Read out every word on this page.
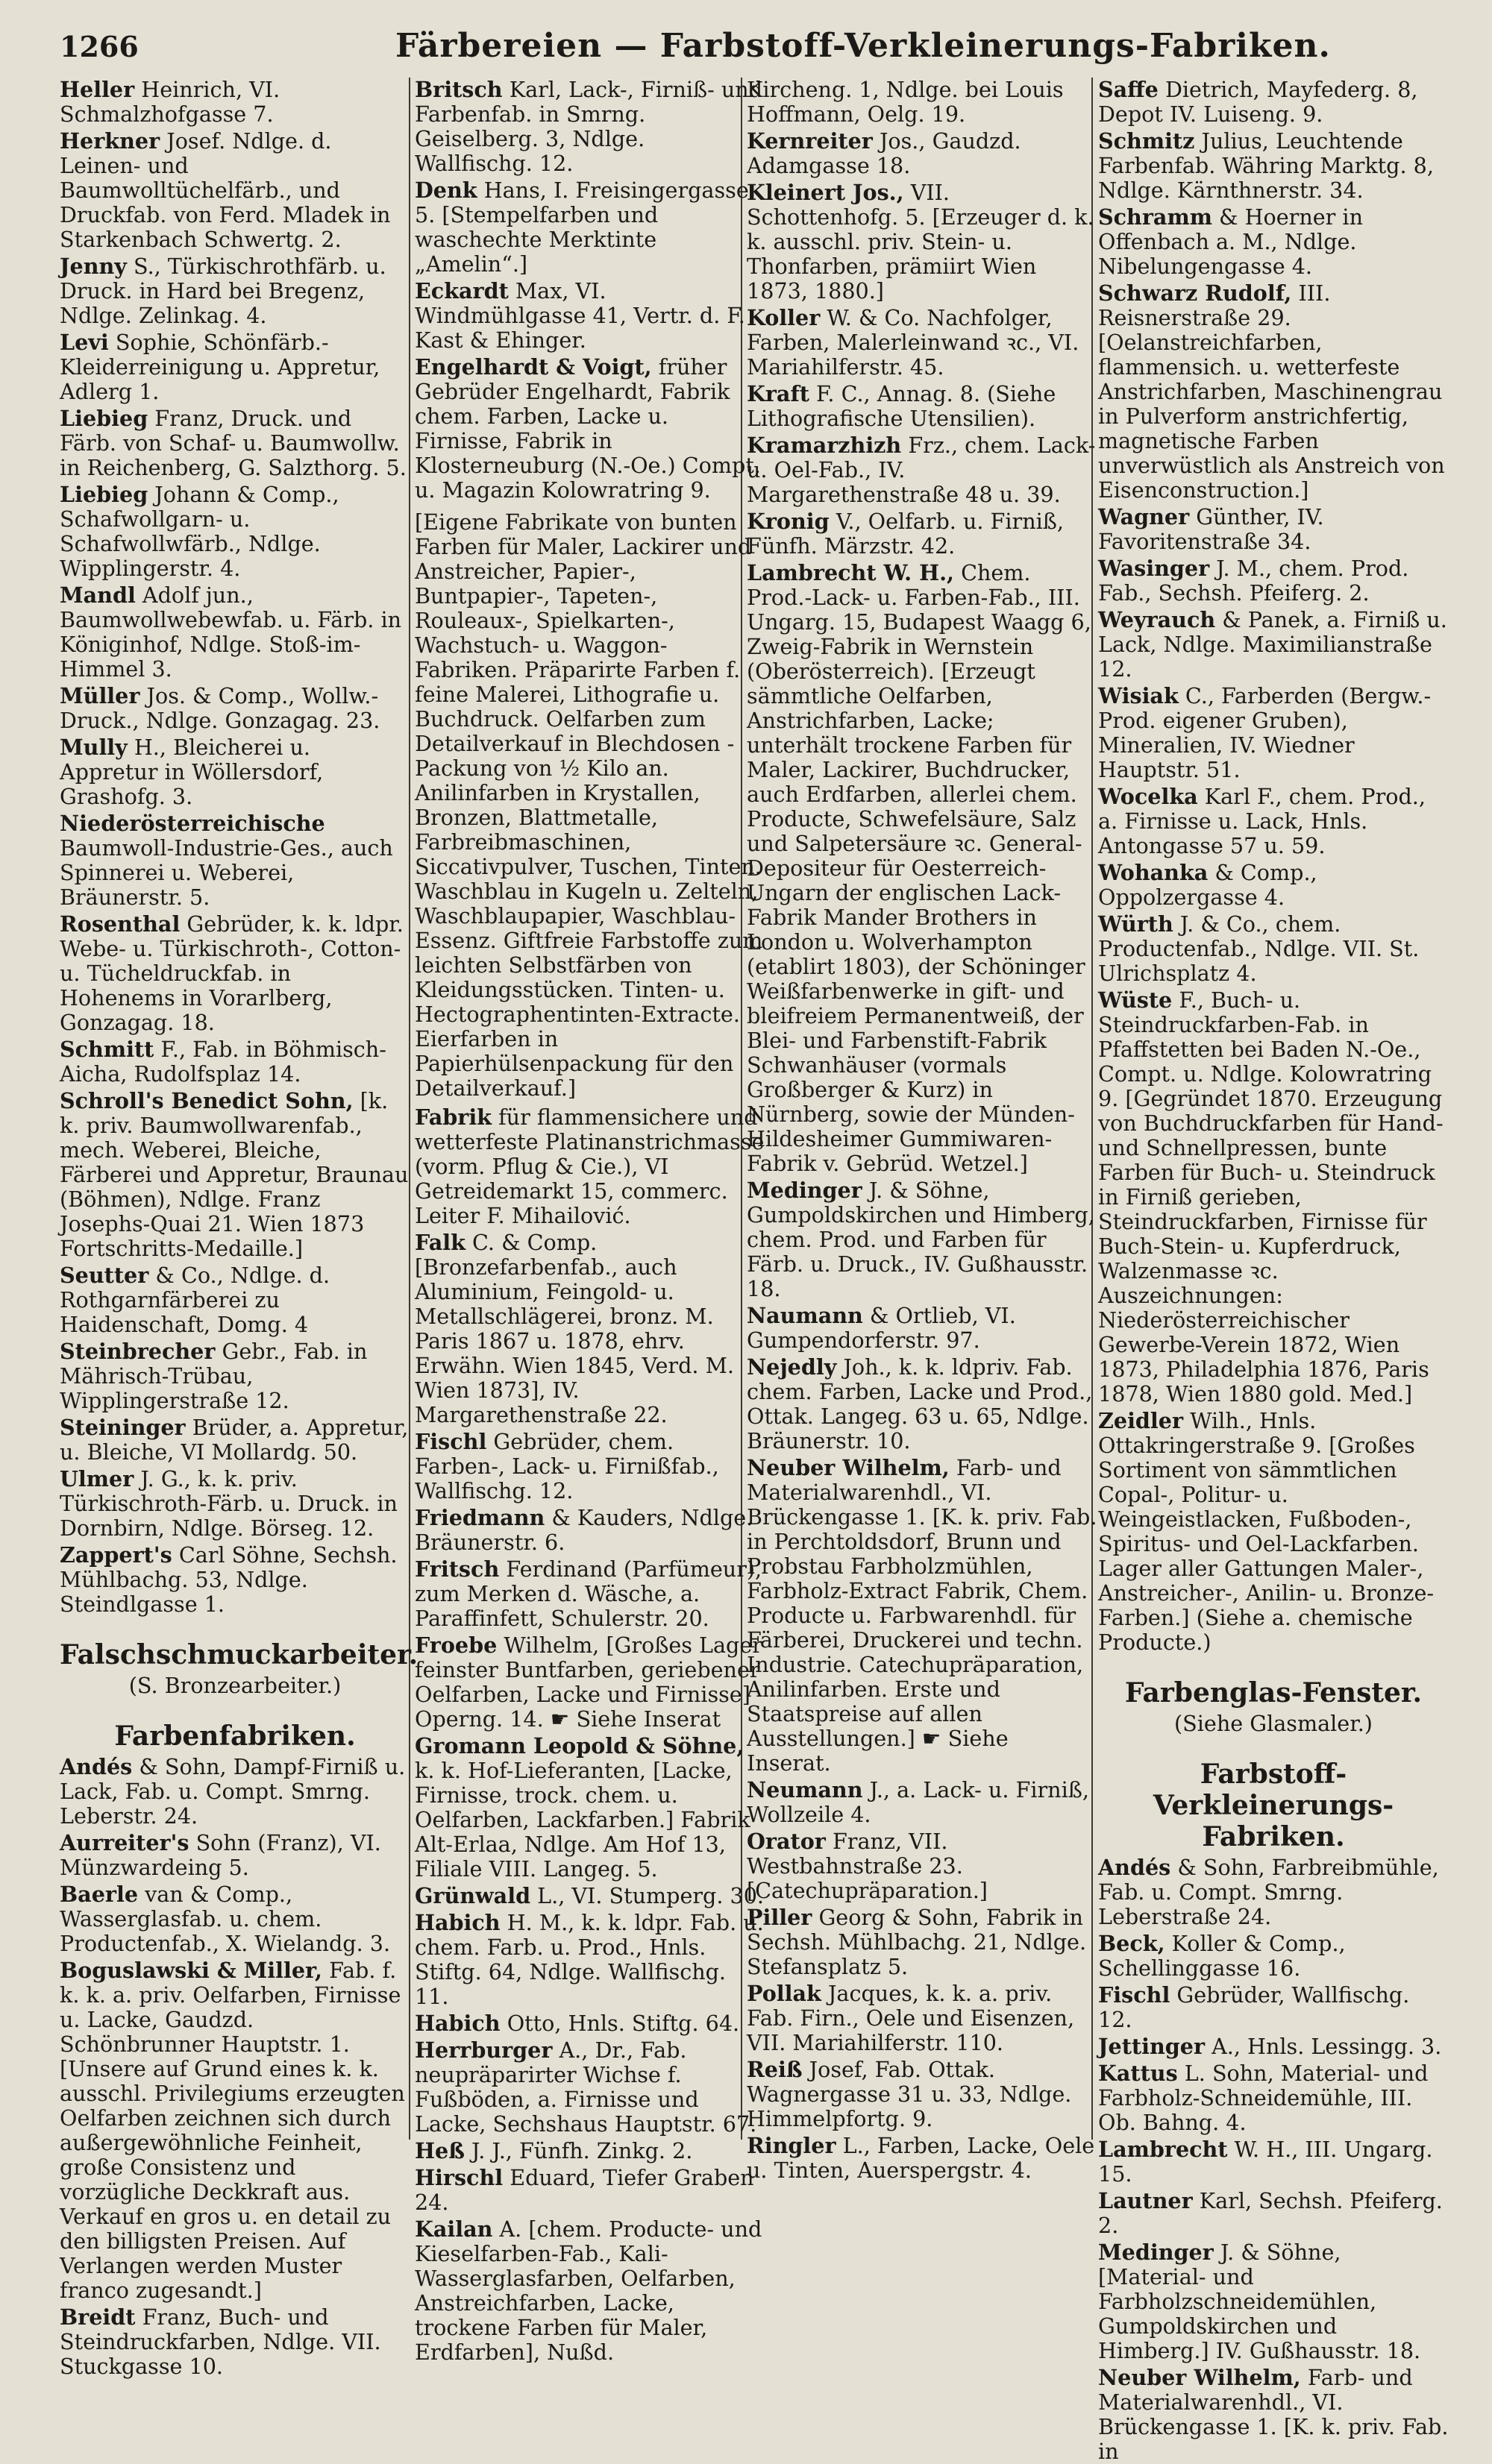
1266	Färbereien — Farbstoff-Verkleinerungs-Fabriken.

Heller Heinrich, VI. Schmalzhofgasse 7.

Herkner Josef. Ndlge. d. Leinen- und Baumwolltüchelfärb., und Druckfab. von Ferd. Mladek in Starkenbach Schwertg. 2.

Jenny S., Türkischrothfärb. u. Druck. in Hard bei Bregenz, Ndlge. Zelinkag. 4.

Levi Sophie, Schönfärb.-Kleiderreinigung u. Appretur, Adlerg 1.

Liebieg Franz, Druck. und Färb. von Schaf- u. Baumwollw. in Reichenberg, G. Salzthorg. 5.

Liebieg Johann & Comp., Schafwollgarn- u. Schafwollwfärb., Ndlge. Wipplingerstr. 4.

Mandl Adolf jun., Baumwollwebewfab. u. Färb. in Königinhof, Ndlge. Stoß-im-Himmel 3.

Müller Jos. & Comp., Wollw.-Druck., Ndlge. Gonzagag. 23.

Mully H., Bleicherei u. Appretur in Wöllersdorf, Grashofg. 3.

Niederösterreichische Baumwoll-Industrie-Ges., auch Spinnerei u. Weberei, Bräunerstr. 5.

Rosenthal Gebrüder, k. k. ldpr. Webe- u. Türkischroth-, Cotton- u. Tücheldruckfab. in Hohenems in Vorarlberg, Gonzagag. 18.

Schmitt F., Fab. in Böhmisch-Aicha, Rudolfsplaz 14.

Schroll's Benedict Sohn, [k. k. priv. Baumwollwarenfab., mech. Weberei, Bleiche, Färberei und Appretur, Braunau (Böhmen), Ndlge. Franz Josephs-Quai 21. Wien 1873 Fortschritts-Medaille.]

Seutter & Co., Ndlge. d. Rothgarnfärberei zu Haidenschaft, Domg. 4

Steinbrecher Gebr., Fab. in Mährisch-Trübau, Wipplingerstraße 12.

Steininger Brüder, a. Appretur, u. Bleiche, VI Mollardg. 50.

Ulmer J. G., k. k. priv. Türkischroth-Färb. u. Druck. in Dornbirn, Ndlge. Börseg. 12.

Zappert's Carl Söhne, Sechsh. Mühlbachg. 53, Ndlge. Steindlgasse 1.

Falschschmuckarbeiter.
(S. Bronzearbeiter.)
Farbenfabriken.

Andés & Sohn, Dampf-Firniß u. Lack, Fab. u. Compt. Smrng. Leberstr. 24.

Aurreiter's Sohn (Franz), VI. Münzwardeing 5.

Baerle van & Comp., Wasserglasfab. u. chem. Productenfab., X. Wielandg. 3.

Boguslawski & Miller, Fab. f. k. k. a. priv. Oelfarben, Firnisse u. Lacke, Gaudzd. Schönbrunner Hauptstr. 1. [Unsere auf Grund eines k. k. ausschl. Privilegiums erzeugten Oelfarben zeichnen sich durch außergewöhnliche Feinheit, große Consistenz und vorzügliche Deckkraft aus. Verkauf en gros u. en detail zu den billigsten Preisen. Auf Verlangen werden Muster franco zugesandt.]

Breidt Franz, Buch- und Steindruckfarben, Ndlge. VII. Stuckgasse 10.

Britsch Karl, Lack-, Firniß- und Farbenfab. in Smrng. Geiselberg. 3, Ndlge. Wallfischg. 12.

Denk Hans, I. Freisingergasse 5. [Stempelfarben und waschechte Merktinte „Amelin“.]

Eckardt Max, VI. Windmühlgasse 41, Vertr. d. F. Kast & Ehinger.

Engelhardt & Voigt, früher Gebrüder Engelhardt, Fabrik chem. Farben, Lacke u. Firnisse, Fabrik in Klosterneuburg (N.-Oe.) Compt. u. Magazin Kolowratring 9.

[Eigene Fabrikate von bunten Farben für Maler, Lackirer und Anstreicher, Papier-, Buntpapier-, Tapeten-, Rouleaux-, Spielkarten-, Wachstuch- u. Waggon-Fabriken. Präparirte Farben f. feine Malerei, Lithografie u. Buchdruck. Oelfarben zum Detailverkauf in Blechdosen - Packung von ½ Kilo an. Anilinfarben in Krystallen, Bronzen, Blattmetalle, Farbreibmaschinen, Siccativpulver, Tuschen, Tinten. Waschblau in Kugeln u. Zelteln, Waschblaupapier, Waschblau-Essenz. Giftfreie Farbstoffe zum leichten Selbstfärben von Kleidungsstücken. Tinten- u. Hectographentinten-Extracte. Eierfarben in Papierhülsenpackung für den Detailverkauf.]

Fabrik für flammensichere und wetterfeste Platinanstrichmasse (vorm. Pflug & Cie.), VI Getreidemarkt 15, commerc. Leiter F. Mihailović.

Falk C. & Comp. [Bronzefarbenfab., auch Aluminium, Feingold- u. Metallschlägerei, bronz. M. Paris 1867 u. 1878, ehrv. Erwähn. Wien 1845, Verd. M. Wien 1873], IV. Margarethenstraße 22.

Fischl Gebrüder, chem. Farben-, Lack- u. Firnißfab., Wallfischg. 12.

Friedmann & Kauders, Ndlge. Bräunerstr. 6.

Fritsch Ferdinand (Parfümeur), zum Merken d. Wäsche, a. Paraffinfett, Schulerstr. 20.

Froebe Wilhelm, [Großes Lager feinster Buntfarben, geriebener Oelfarben, Lacke und Firnisse] Operng. 14. ☛ Siehe Inserat

Gromann Leopold & Söhne, k. k. Hof-Lieferanten, [Lacke, Firnisse, trock. chem. u. Oelfarben, Lackfarben.] Fabrik Alt-Erlaa, Ndlge. Am Hof 13, Filiale VIII. Langeg. 5.

Grünwald L., VI. Stumperg. 30.

Habich H. M., k. k. ldpr. Fab. u. chem. Farb. u. Prod., Hnls. Stiftg. 64, Ndlge. Wallfischg. 11.

Habich Otto, Hnls. Stiftg. 64.

Herrburger A., Dr., Fab. neupräparirter Wichse f. Fußböden, a. Firnisse und Lacke, Sechshaus Hauptstr. 67.

Heß J. J., Fünfh. Zinkg. 2.

Hirschl Eduard, Tiefer Graben 24.

Kailan A. [chem. Producte- und Kieselfarben-Fab., Kali-Wasserglasfarben, Oelfarben, Anstreichfarben, Lacke, trockene Farben für Maler, Erdfarben], Nußd.

Kircheng. 1, Ndlge. bei Louis Hoffmann, Oelg. 19.

Kernreiter Jos., Gaudzd. Adamgasse 18.

Kleinert Jos., VII. Schottenhofg. 5. [Erzeuger d. k. k. ausschl. priv. Stein- u. Thonfarben, prämiirt Wien 1873, 1880.]

Koller W. & Co. Nachfolger, Farben, Malerleinwand ꝛc., VI. Mariahilferstr. 45.

Kraft F. C., Annag. 8. (Siehe Lithografische Utensilien).

Kramarzhizh Frz., chem. Lack- u. Oel-Fab., IV. Margarethenstraße 48 u. 39.

Kronig V., Oelfarb. u. Firniß, Fünfh. Märzstr. 42.

Lambrecht W. H., Chem. Prod.-Lack- u. Farben-Fab., III. Ungarg. 15, Budapest Waagg 6, Zweig-Fabrik in Wernstein (Oberösterreich). [Erzeugt sämmtliche Oelfarben, Anstrichfarben, Lacke; unterhält trockene Farben für Maler, Lackirer, Buchdrucker, auch Erdfarben, allerlei chem. Producte, Schwefelsäure, Salz und Salpetersäure ꝛc. General-Depositeur für Oesterreich-Ungarn der englischen Lack-Fabrik Mander Brothers in London u. Wolverhampton (etablirt 1803), der Schöninger Weißfarbenwerke in gift- und bleifreiem Permanentweiß, der Blei- und Farbenstift-Fabrik Schwanhäuser (vormals Großberger & Kurz) in Nürnberg, sowie der Münden-Hildesheimer Gummiwaren-Fabrik v. Gebrüd. Wetzel.]

Medinger J. & Söhne, Gumpoldskirchen und Himberg, chem. Prod. und Farben für Färb. u. Druck., IV. Gußhausstr. 18.

Naumann & Ortlieb, VI. Gumpendorferstr. 97.

Nejedly Joh., k. k. ldpriv. Fab. chem. Farben, Lacke und Prod., Ottak. Langeg. 63 u. 65, Ndlge. Bräunerstr. 10.

Neuber Wilhelm, Farb- und Materialwarenhdl., VI. Brückengasse 1. [K. k. priv. Fab. in Perchtoldsdorf, Brunn und Probstau Farbholzmühlen, Farbholz-Extract Fabrik, Chem. Producte u. Farbwarenhdl. für Färberei, Druckerei und techn. Industrie. Catechupräparation, Anilinfarben. Erste und Staatspreise auf allen Ausstellungen.] ☛ Siehe Inserat.

Neumann J., a. Lack- u. Firniß, Wollzeile 4.

Orator Franz, VII. Westbahnstraße 23. [Catechupräparation.]

Piller Georg & Sohn, Fabrik in Sechsh. Mühlbachg. 21, Ndlge. Stefansplatz 5.

Pollak Jacques, k. k. a. priv. Fab. Firn., Oele und Eisenzen, VII. Mariahilferstr. 110.

Reiß Josef, Fab. Ottak. Wagnergasse 31 u. 33, Ndlge. Himmelpfortg. 9.

Ringler L., Farben, Lacke, Oele u. Tinten, Auerspergstr. 4.

Saffe Dietrich, Mayfederg. 8, Depot IV. Luiseng. 9.

Schmitz Julius, Leuchtende Farbenfab. Währing Marktg. 8, Ndlge. Kärnthnerstr. 34.

Schramm & Hoerner in Offenbach a. M., Ndlge. Nibelungengasse 4.

Schwarz Rudolf, III. Reisnerstraße 29. [Oelanstreichfarben, flammensich. u. wetterfeste Anstrichfarben, Maschinengrau in Pulverform anstrichfertig, magnetische Farben unverwüstlich als Anstreich von Eisenconstruction.]

Wagner Günther, IV. Favoritenstraße 34.

Wasinger J. M., chem. Prod. Fab., Sechsh. Pfeiferg. 2.

Weyrauch & Panek, a. Firniß u. Lack, Ndlge. Maximilianstraße 12.

Wisiak C., Farberden (Bergw.-Prod. eigener Gruben), Mineralien, IV. Wiedner Hauptstr. 51.

Wocelka Karl F., chem. Prod., a. Firnisse u. Lack, Hnls. Antongasse 57 u. 59.

Wohanka & Comp., Oppolzergasse 4.

Würth J. & Co., chem. Productenfab., Ndlge. VII. St. Ulrichsplatz 4.

Wüste F., Buch- u. Steindruckfarben-Fab. in Pfaffstetten bei Baden N.-Oe., Compt. u. Ndlge. Kolowratring 9. [Gegründet 1870. Erzeugung von Buchdruckfarben für Hand- und Schnellpressen, bunte Farben für Buch- u. Steindruck in Firniß gerieben, Steindruckfarben, Firnisse für Buch-Stein- u. Kupferdruck, Walzenmasse ꝛc. Auszeichnungen: Niederösterreichischer Gewerbe-Verein 1872, Wien 1873, Philadelphia 1876, Paris 1878, Wien 1880 gold. Med.]

Zeidler Wilh., Hnls. Ottakringerstraße 9. [Großes Sortiment von sämmtlichen Copal-, Politur- u. Weingeistlacken, Fußboden-, Spiritus- und Oel-Lackfarben. Lager aller Gattungen Maler-, Anstreicher-, Anilin- u. Bronze-Farben.] (Siehe a. chemische Producte.)

Farbenglas-Fenster.
(Siehe Glasmaler.)
Farbstoff-Verkleinerungs-Fabriken.

Andés & Sohn, Farbreibmühle, Fab. u. Compt. Smrng. Leberstraße 24.

Beck, Koller & Comp., Schellinggasse 16.

Fischl Gebrüder, Wallfischg. 12.

Jettinger A., Hnls. Lessingg. 3.

Kattus L. Sohn, Material- und Farbholz-Schneidemühle, III. Ob. Bahng. 4.

Lambrecht W. H., III. Ungarg. 15.

Lautner Karl, Sechsh. Pfeiferg. 2.

Medinger J. & Söhne, [Material- und Farbholzschneidemühlen, Gumpoldskirchen und Himberg.] IV. Gußhausstr. 18.

Neuber Wilhelm, Farb- und Materialwarenhdl., VI. Brückengasse 1. [K. k. priv. Fab. in
